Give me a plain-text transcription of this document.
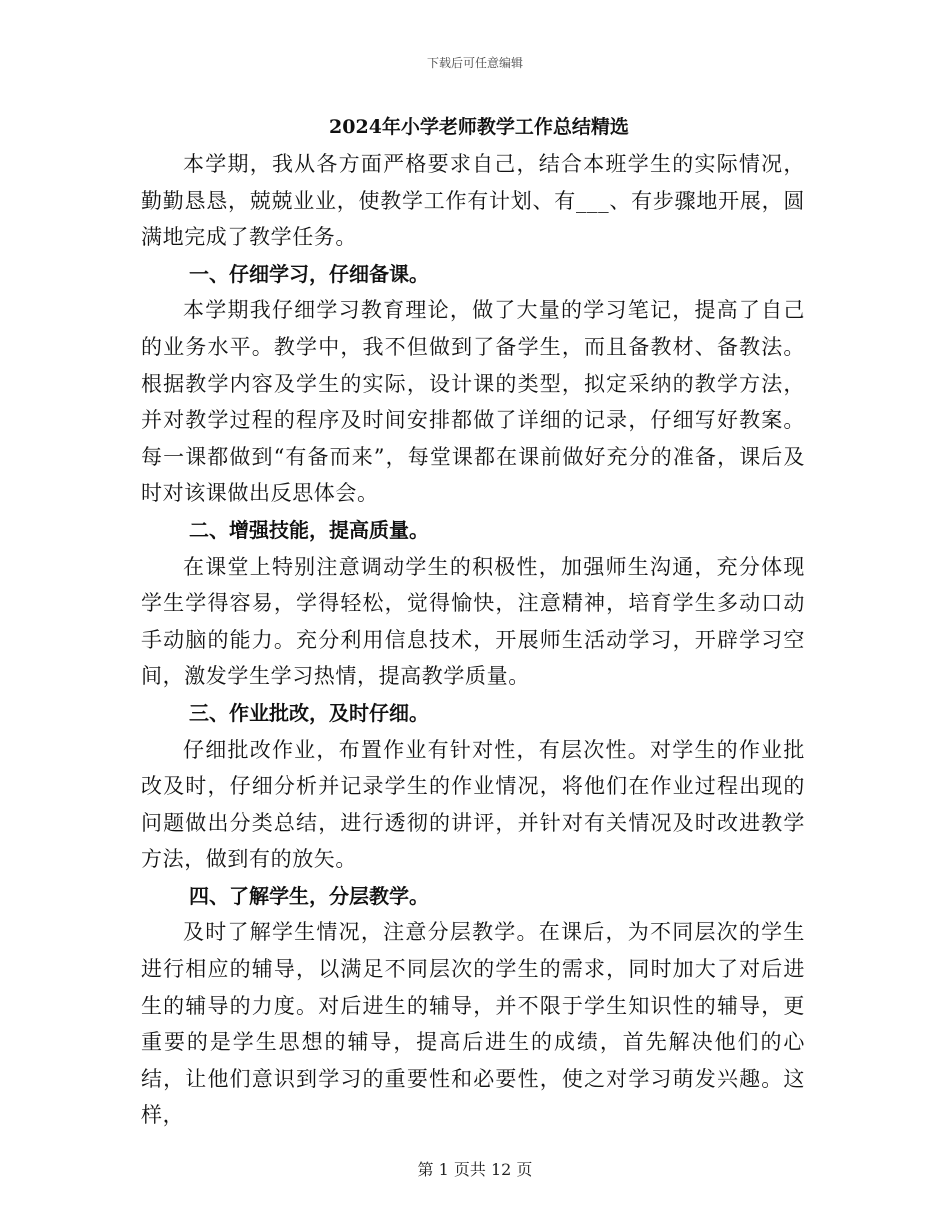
下载后可任意编辑
2024年小学老师教学工作总结精选

本学期，我从各方面严格要求自己，结合本班学生的实际情况，勤勤恳恳，兢兢业业，使教学工作有计划、有___、有步骤地开展，圆满地完成了教学任务。

一、仔细学习，仔细备课。

本学期我仔细学习教育理论，做了大量的学习笔记，提高了自己的业务水平。教学中，我不但做到了备学生，而且备教材、备教法。根据教学内容及学生的实际，设计课的类型，拟定采纳的教学方法，并对教学过程的程序及时间安排都做了详细的记录，仔细写好教案。每一课都做到“有备而来”，每堂课都在课前做好充分的准备，课后及时对该课做出反思体会。

二、增强技能，提高质量。

在课堂上特别注意调动学生的积极性，加强师生沟通，充分体现学生学得容易，学得轻松，觉得愉快，注意精神，培育学生多动口动手动脑的能力。充分利用信息技术，开展师生活动学习，开辟学习空间，激发学生学习热情，提高教学质量。

三、作业批改，及时仔细。

仔细批改作业，布置作业有针对性，有层次性。对学生的作业批改及时，仔细分析并记录学生的作业情况，将他们在作业过程出现的问题做出分类总结，进行透彻的讲评，并针对有关情况及时改进教学方法，做到有的放矢。

四、了解学生，分层教学。

及时了解学生情况，注意分层教学。在课后，为不同层次的学生进行相应的辅导，以满足不同层次的学生的需求，同时加大了对后进生的辅导的力度。对后进生的辅导，并不限于学生知识性的辅导，更重要的是学生思想的辅导，提高后进生的成绩，首先解决他们的心结，让他们意识到学习的重要性和必要性，使之对学习萌发兴趣。这样，

第 1 页共 12 页
